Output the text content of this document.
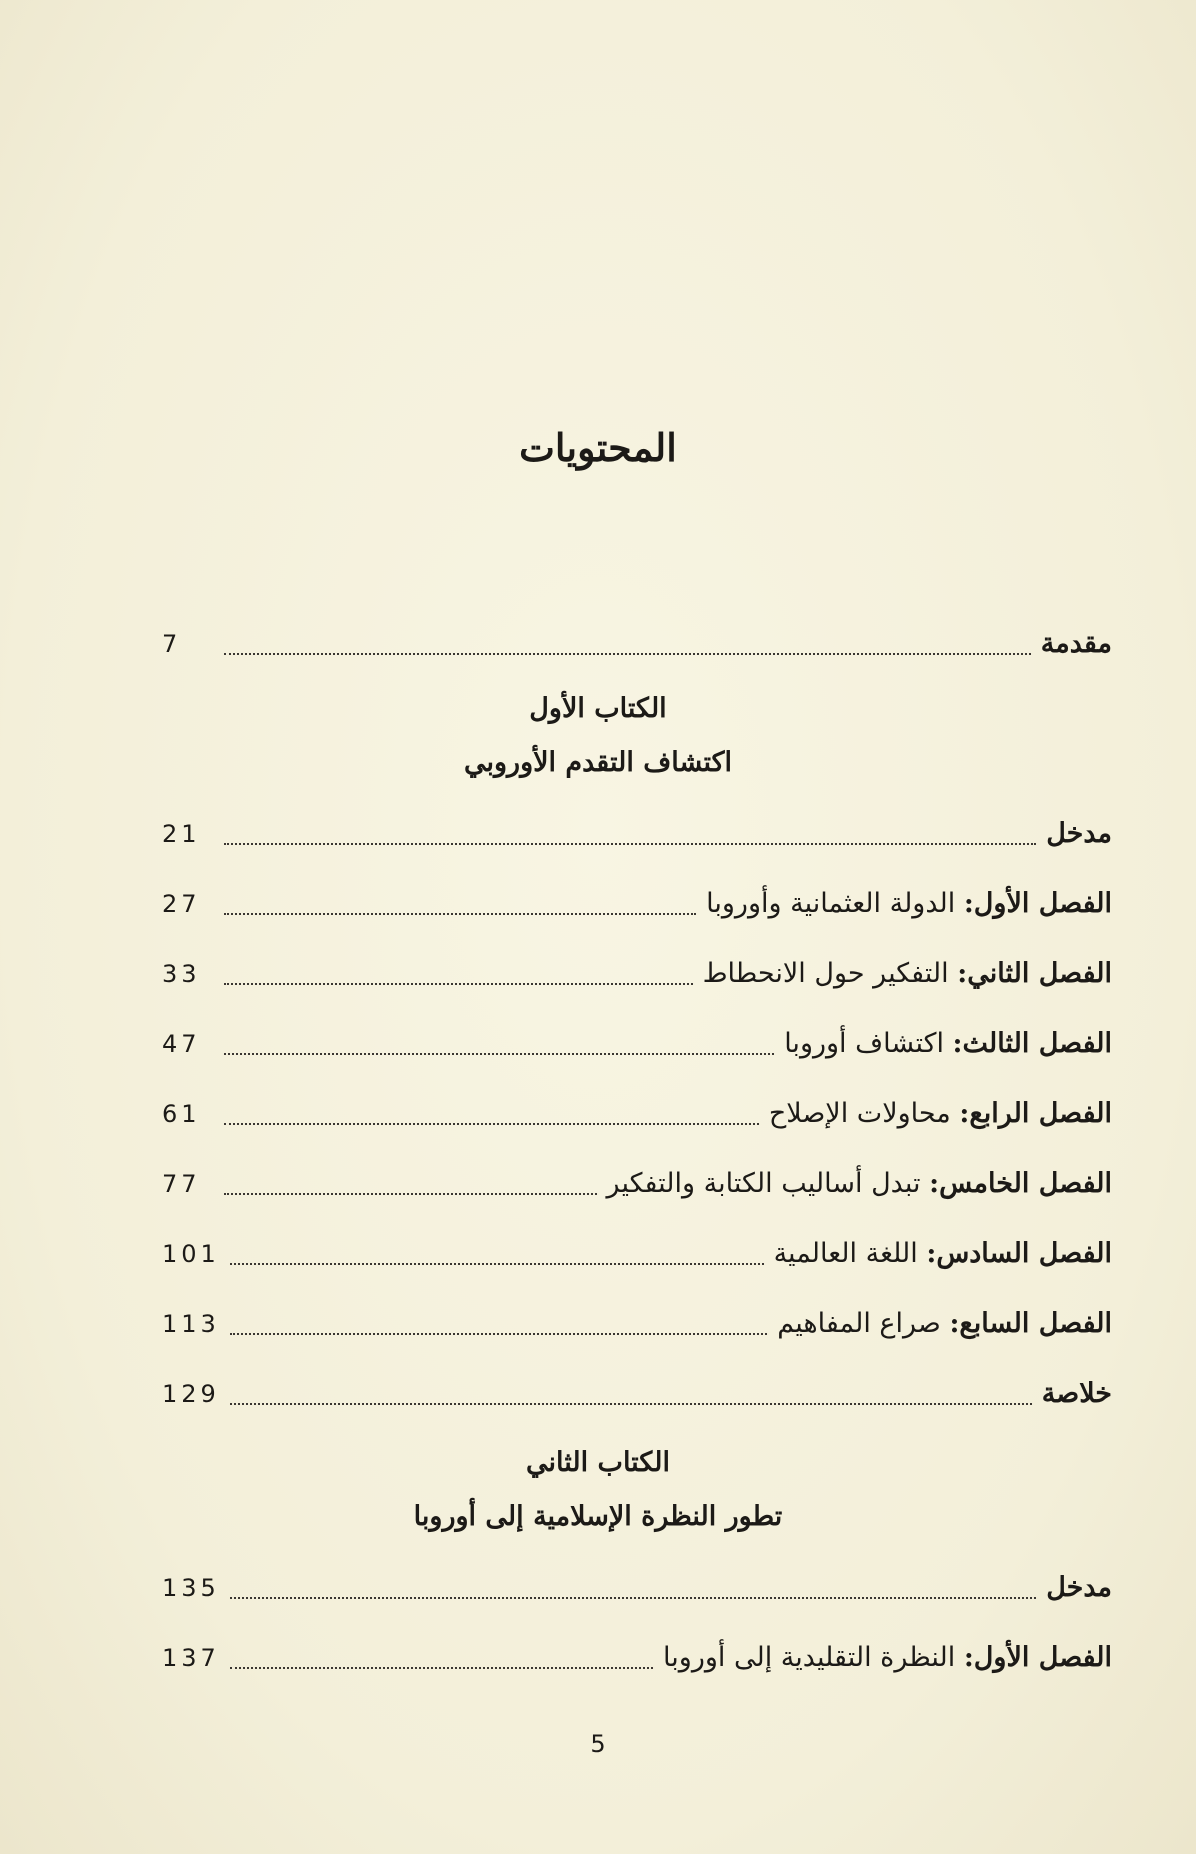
المحتويات
مقدمة
7
الكتاب الأول
اكتشاف التقدم الأوروبي
مدخل
21
الفصل الأول: الدولة العثمانية وأوروبا
27
الفصل الثاني: التفكير حول الانحطاط
33
الفصل الثالث: اكتشاف أوروبا
47
الفصل الرابع: محاولات الإصلاح
61
الفصل الخامس: تبدل أساليب الكتابة والتفكير
77
الفصل السادس: اللغة العالمية
101
الفصل السابع: صراع المفاهيم
113
خلاصة
129
الكتاب الثاني
تطور النظرة الإسلامية إلى أوروبا
مدخل
135
الفصل الأول: النظرة التقليدية إلى أوروبا
137
5
